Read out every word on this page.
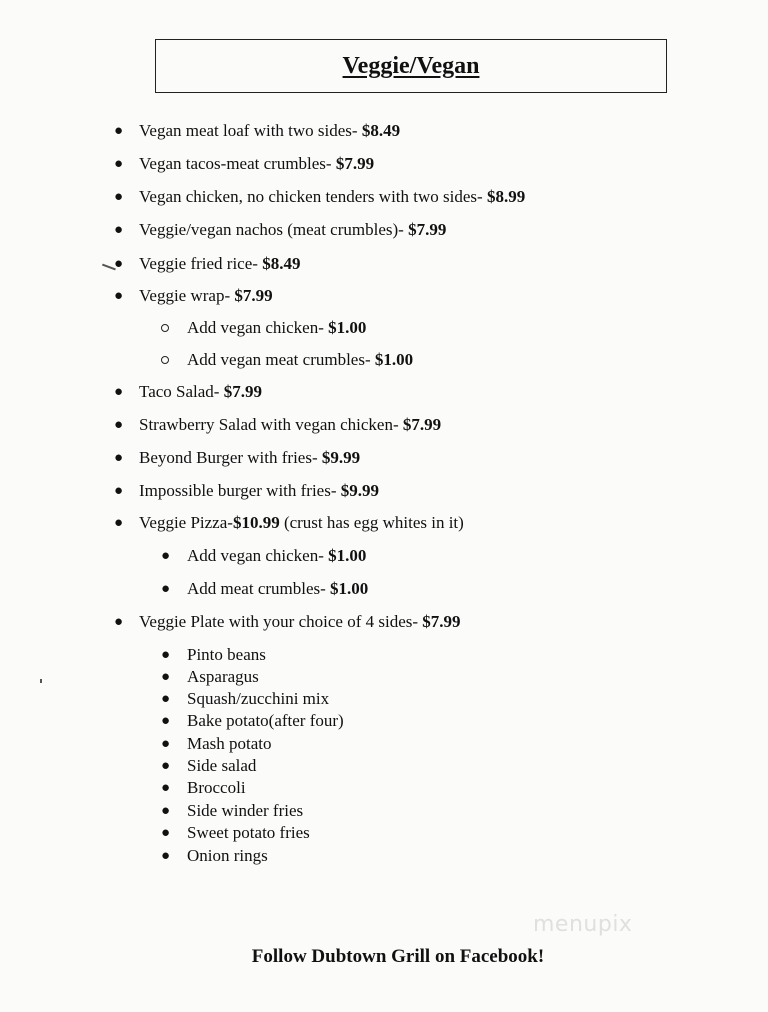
Veggie/Vegan
● Vegan meat loaf with two sides- $8.49
● Vegan tacos-meat crumbles- $7.99
● Vegan chicken, no chicken tenders with two sides- $8.99
● Veggie/vegan nachos (meat crumbles)- $7.99
● Veggie fried rice- $8.49
● Veggie wrap- $7.99
Add vegan chicken- $1.00
Add vegan meat crumbles- $1.00
● Taco Salad- $7.99
● Strawberry Salad with vegan chicken- $7.99
● Beyond Burger with fries- $9.99
● Impossible burger with fries- $9.99
● Veggie Pizza-$10.99 (crust has egg whites in it)
● Add vegan chicken- $1.00
● Add meat crumbles- $1.00
● Veggie Plate with your choice of 4 sides- $7.99
● Pinto beans
● Asparagus
● Squash/zucchini mix
● Bake potato(after four)
● Mash potato
● Side salad
● Broccoli
● Side winder fries
● Sweet potato fries
● Onion rings
menupix
Follow Dubtown Grill on Facebook!
